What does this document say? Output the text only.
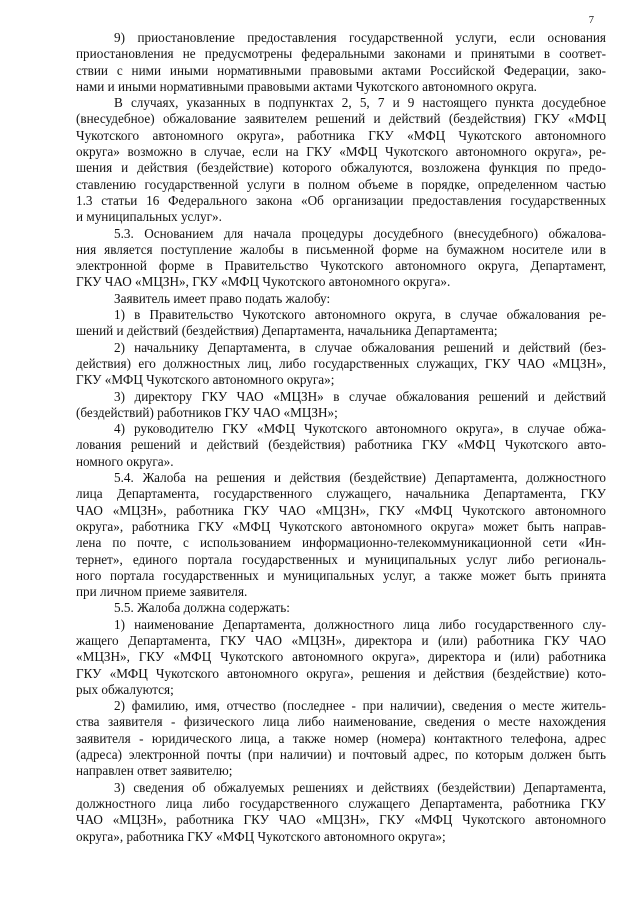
7
9) приостановление предоставления государственной услуги, если основания
приостановления не предусмотрены федеральными законами и принятыми в соответ-
ствии с ними иными нормативными правовыми актами Российской Федерации, зако-
нами и иными нормативными правовыми актами Чукотского автономного округа.
В случаях, указанных в подпунктах 2, 5, 7 и 9 настоящего пункта досудебное
(внесудебное) обжалование заявителем решений и действий (бездействия) ГКУ «МФЦ
Чукотского автономного округа», работника ГКУ «МФЦ Чукотского автономного
округа» возможно в случае, если на ГКУ «МФЦ Чукотского автономного округа», ре-
шения и действия (бездействие) которого обжалуются, возложена функция по предо-
ставлению государственной услуги в полном объеме в порядке, определенном частью
1.3 статьи 16 Федерального закона «Об организации предоставления государственных
и муниципальных услуг».
5.3. Основанием для начала процедуры досудебного (внесудебного) обжалова-
ния является поступление жалобы в письменной форме на бумажном носителе или в
электронной форме в Правительство Чукотского автономного округа, Департамент,
ГКУ ЧАО «МЦЗН», ГКУ «МФЦ Чукотского автономного округа».
Заявитель имеет право подать жалобу:
1) в Правительство Чукотского автономного округа, в случае обжалования ре-
шений и действий (бездействия) Департамента, начальника Департамента;
2) начальнику Департамента, в случае обжалования решений и действий (без-
действия) его должностных лиц, либо государственных служащих, ГКУ ЧАО «МЦЗН»,
ГКУ «МФЦ Чукотского автономного округа»;
3) директору ГКУ ЧАО «МЦЗН» в случае обжалования решений и действий
(бездействий) работников ГКУ ЧАО «МЦЗН»;
4) руководителю ГКУ «МФЦ Чукотского автономного округа», в случае обжа-
лования решений и действий (бездействия) работника ГКУ «МФЦ Чукотского авто-
номного округа».
5.4. Жалоба на решения и действия (бездействие) Департамента, должностного
лица Департамента, государственного служащего, начальника Департамента, ГКУ
ЧАО «МЦЗН», работника ГКУ ЧАО «МЦЗН», ГКУ «МФЦ Чукотского автономного
округа», работника ГКУ «МФЦ Чукотского автономного округа» может быть направ-
лена по почте, с использованием информационно-телекоммуникационной сети «Ин-
тернет», единого портала государственных и муниципальных услуг либо региональ-
ного портала государственных и муниципальных услуг, а также может быть принята
при личном приеме заявителя.
5.5. Жалоба должна содержать:
1) наименование Департамента, должностного лица либо государственного слу-
жащего Департамента, ГКУ ЧАО «МЦЗН», директора и (или) работника ГКУ ЧАО
«МЦЗН», ГКУ «МФЦ Чукотского автономного округа», директора и (или) работника
ГКУ «МФЦ Чукотского автономного округа», решения и действия (бездействие) кото-
рых обжалуются;
2) фамилию, имя, отчество (последнее - при наличии), сведения о месте житель-
ства заявителя - физического лица либо наименование, сведения о месте нахождения
заявителя - юридического лица, а также номер (номера) контактного телефона, адрес
(адреса) электронной почты (при наличии) и почтовый адрес, по которым должен быть
направлен ответ заявителю;
3) сведения об обжалуемых решениях и действиях (бездействии) Департамента,
должностного лица либо государственного служащего Департамента, работника ГКУ
ЧАО «МЦЗН», работника ГКУ ЧАО «МЦЗН», ГКУ «МФЦ Чукотского автономного
округа», работника ГКУ «МФЦ Чукотского автономного округа»;
